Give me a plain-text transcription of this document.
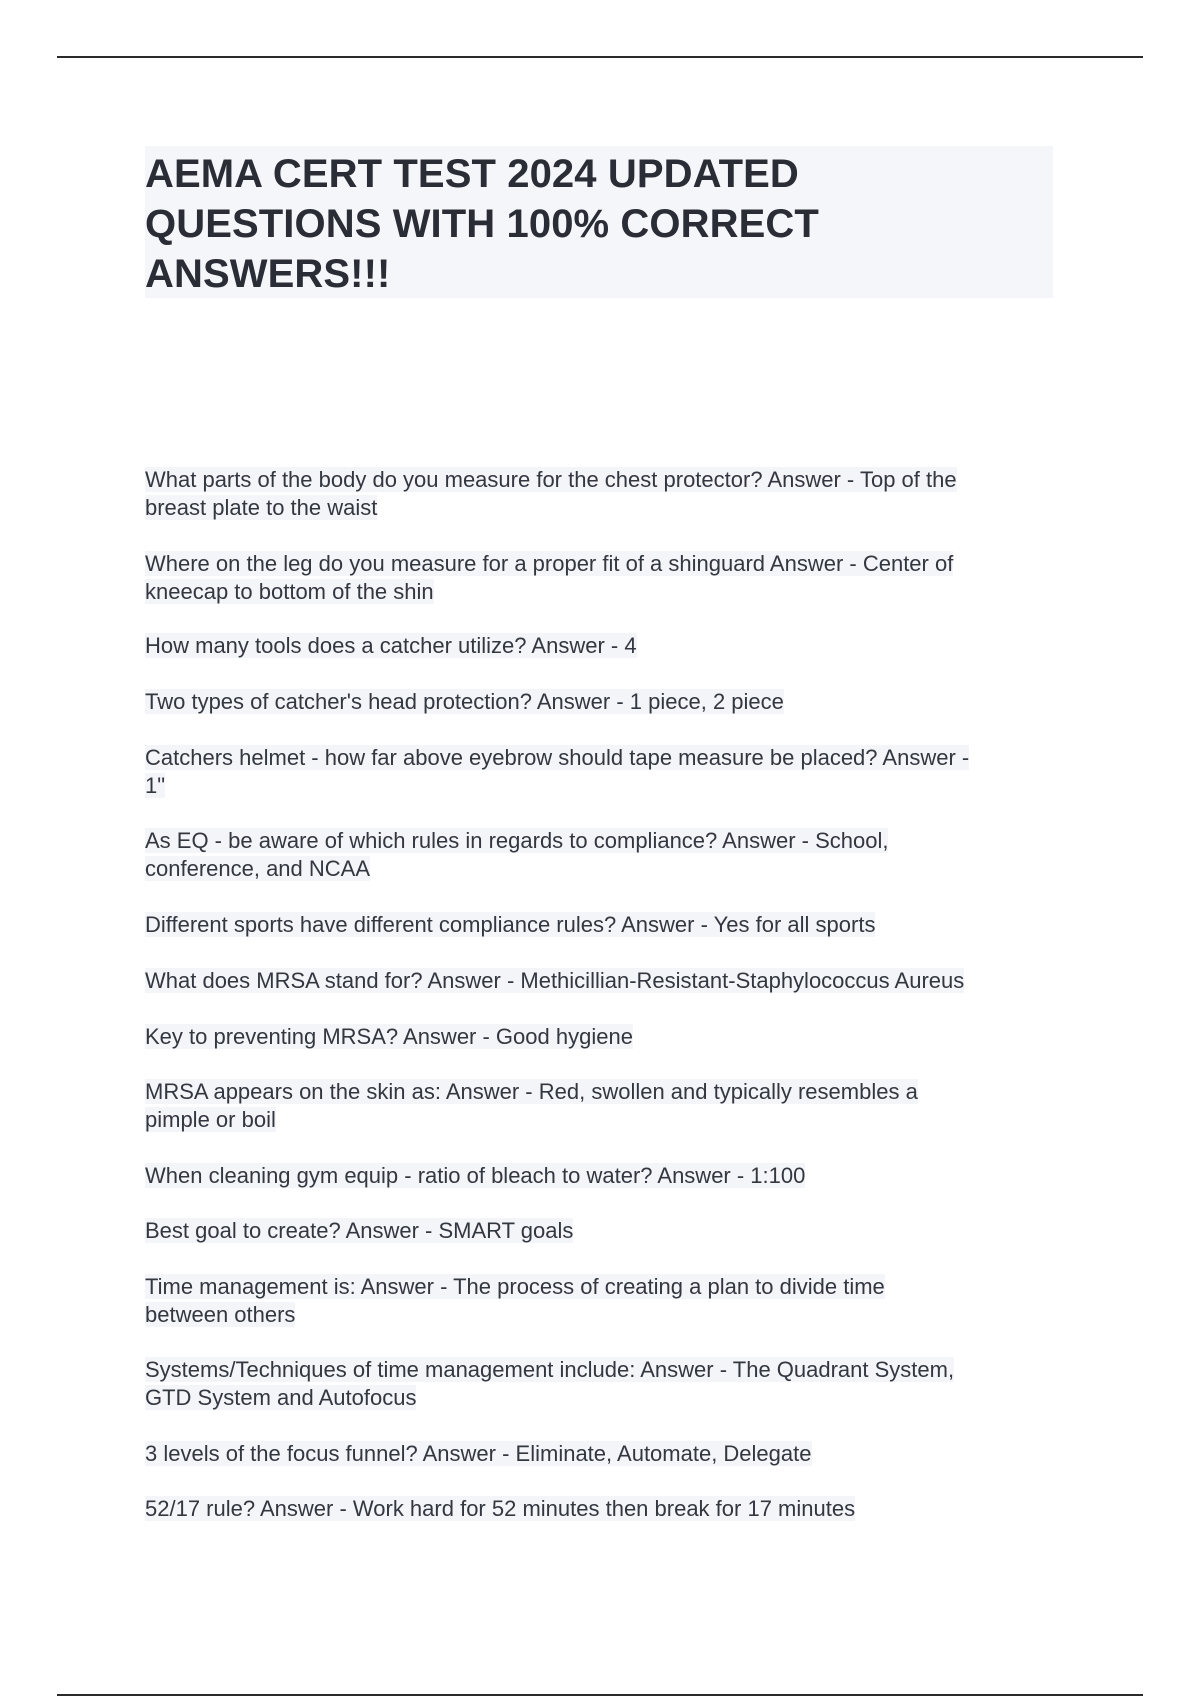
AEMA CERT TEST 2024 UPDATED
QUESTIONS WITH 100% CORRECT
ANSWERS!!!
What parts of the body do you measure for the chest protector? Answer - Top of the
breast plate to the waist
Where on the leg do you measure for a proper fit of a shinguard Answer - Center of
kneecap to bottom of the shin
How many tools does a catcher utilize? Answer - 4
Two types of catcher's head protection? Answer - 1 piece, 2 piece
Catchers helmet - how far above eyebrow should tape measure be placed? Answer -
1"
As EQ - be aware of which rules in regards to compliance? Answer - School,
conference, and NCAA
Different sports have different compliance rules? Answer - Yes for all sports
What does MRSA stand for? Answer - Methicillian-Resistant-Staphylococcus Aureus
Key to preventing MRSA? Answer - Good hygiene
MRSA appears on the skin as: Answer - Red, swollen and typically resembles a
pimple or boil
When cleaning gym equip - ratio of bleach to water? Answer - 1:100
Best goal to create? Answer - SMART goals
Time management is: Answer - The process of creating a plan to divide time
between others
Systems/Techniques of time management include: Answer - The Quadrant System,
GTD System and Autofocus
3 levels of the focus funnel? Answer - Eliminate, Automate, Delegate
52/17 rule? Answer - Work hard for 52 minutes then break for 17 minutes
